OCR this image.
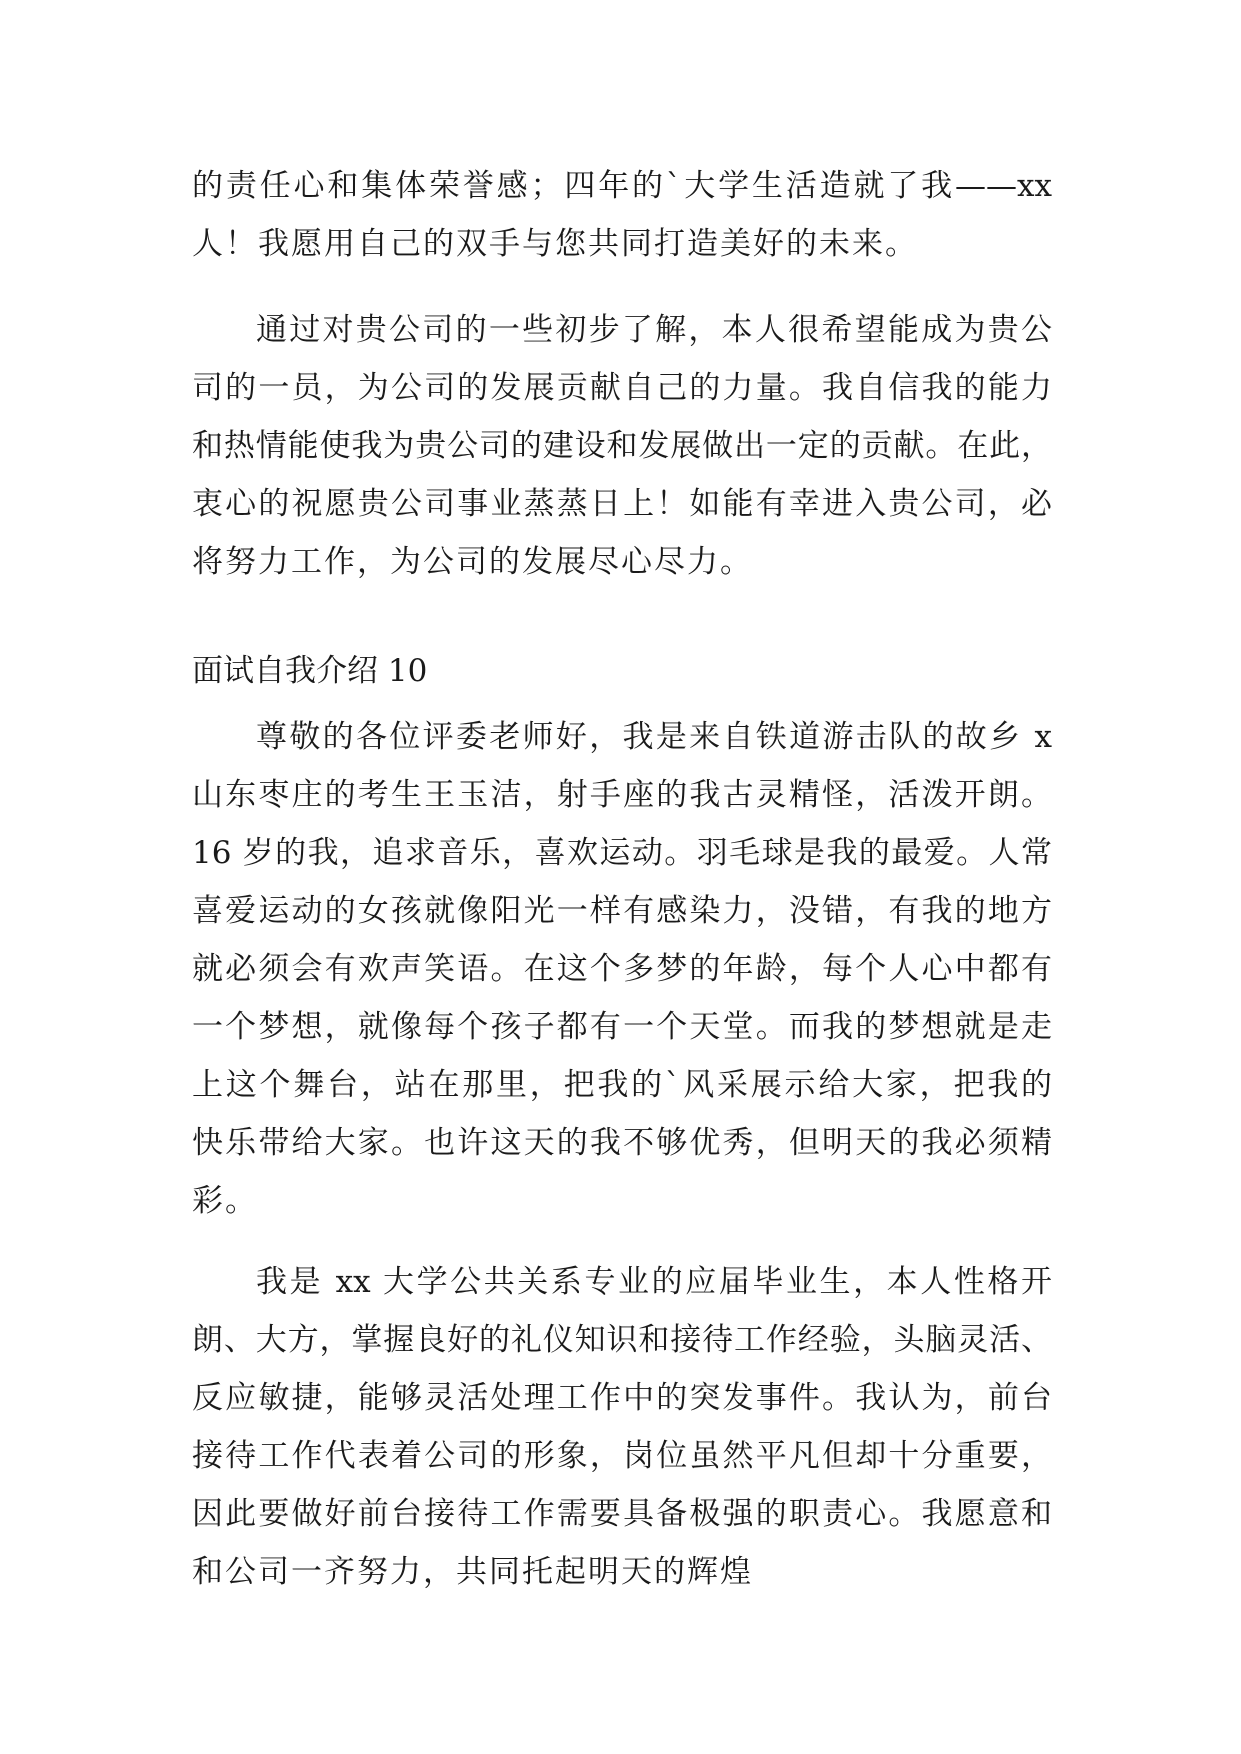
的责任心和集体荣誉感；四年的`大学生活造就了我——xx
人！我愿用自己的双手与您共同打造美好的未来。
通过对贵公司的一些初步了解，本人很希望能成为贵公
司的一员，为公司的发展贡献自己的力量。我自信我的能力
和热情能使我为贵公司的建设和发展做出一定的贡献。在此，
衷心的祝愿贵公司事业蒸蒸日上！如能有幸进入贵公司，必
将努力工作，为公司的发展尽心尽力。
面试自我介绍 10
尊敬的各位评委老师好，我是来自铁道游击队的故乡 x
山东枣庄的考生王玉洁，射手座的我古灵精怪，活泼开朗。
16 岁的我，追求音乐，喜欢运动。羽毛球是我的最爱。人常
喜爱运动的女孩就像阳光一样有感染力，没错，有我的地方
就必须会有欢声笑语。在这个多梦的年龄，每个人心中都有
一个梦想，就像每个孩子都有一个天堂。而我的梦想就是走
上这个舞台，站在那里，把我的`风采展示给大家，把我的
快乐带给大家。也许这天的我不够优秀，但明天的我必须精
彩。
我是 xx 大学公共关系专业的应届毕业生，本人性格开
朗、大方，掌握良好的礼仪知识和接待工作经验，头脑灵活、
反应敏捷，能够灵活处理工作中的突发事件。我认为，前台
接待工作代表着公司的形象，岗位虽然平凡但却十分重要，
因此要做好前台接待工作需要具备极强的职责心。我愿意和
和公司一齐努力，共同托起明天的辉煌
